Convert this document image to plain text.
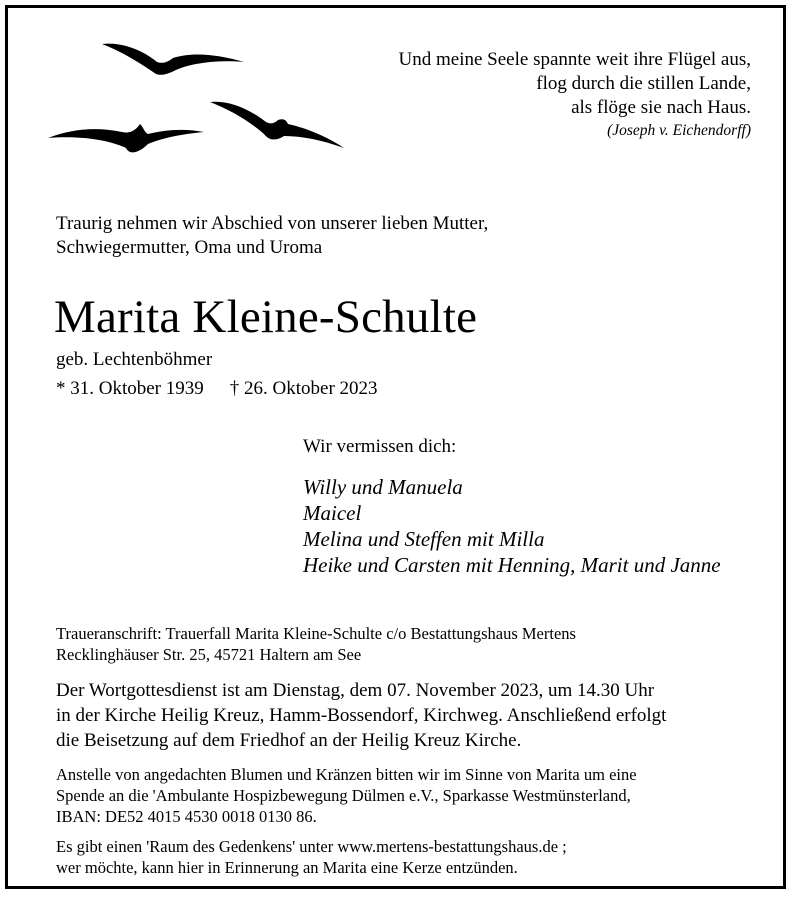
Und meine Seele spannte weit ihre Flügel aus,
flog durch die stillen Lande,
als flöge sie nach Haus.
(Joseph v. Eichendorff)
Traurig nehmen wir Abschied von unserer lieben Mutter,
Schwiegermutter, Oma und Uroma
Marita Kleine-Schulte
geb. Lechtenböhmer
* 31. Oktober 1939 † 26. Oktober 2023
Wir vermissen dich:
Willy und Manuela
Maicel
Melina und Steffen mit Milla
Heike und Carsten mit Henning, Marit und Janne
Traueranschrift: Trauerfall Marita Kleine-Schulte c/o Bestattungshaus Mertens
Recklinghäuser Str. 25, 45721 Haltern am See
Der Wortgottesdienst ist am Dienstag, dem 07. November 2023, um 14.30 Uhr
in der Kirche Heilig Kreuz, Hamm-Bossendorf, Kirchweg. Anschließend erfolgt
die Beisetzung auf dem Friedhof an der Heilig Kreuz Kirche.
Anstelle von angedachten Blumen und Kränzen bitten wir im Sinne von Marita um eine
Spende an die 'Ambulante Hospizbewegung Dülmen e.V., Sparkasse Westmünsterland,
IBAN: DE52 4015 4530 0018 0130 86.
Es gibt einen 'Raum des Gedenkens' unter www.mertens-bestattungshaus.de ;
wer möchte, kann hier in Erinnerung an Marita eine Kerze entzünden.
